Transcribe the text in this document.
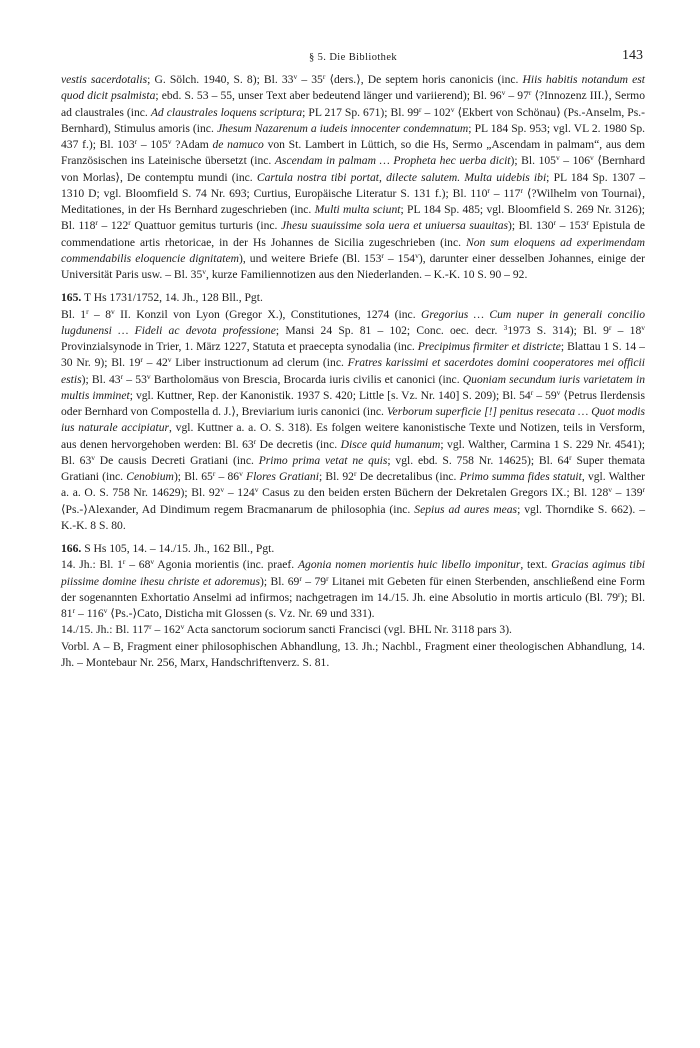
§ 5. Die Bibliothek	143

vestis sacerdotalis; G. Sölch. 1940, S. 8); Bl. 33$^v$ – 35$^r$ ⟨ders.⟩, De septem horis canonicis (inc. Hiis habitis notandum est quod dicit psalmista; ebd. S. 53 – 55, unser Text aber bedeutend länger und variierend); Bl. 96$^v$ – 97$^r$ ⟨?Innozenz III.⟩, Sermo ad claustrales (inc. Ad claustrales loquens scriptura; PL 217 Sp. 671); Bl. 99$^r$ – 102$^v$ ⟨Ekbert von Schönau⟩ (Ps.-Anselm, Ps.-Bernhard), Stimulus amoris (inc. Jhesum Nazarenum a iudeis innocenter condemnatum; PL 184 Sp. 953; vgl. VL 2. 1980 Sp. 437 f.); Bl. 103$^r$ – 105$^v$ ?Adam de namuco von St. Lambert in Lüttich, so die Hs, Sermo „Ascendam in palmam“, aus dem Französischen ins Lateinische übersetzt (inc. Ascendam in palmam … Propheta hec uerba dicit); Bl. 105$^v$ – 106$^v$ ⟨Bernhard von Morlas⟩, De contemptu mundi (inc. Cartula nostra tibi portat, dilecte salutem. Multa uidebis ibi; PL 184 Sp. 1307 – 1310 D; vgl. Bloomfield S. 74 Nr. 693; Curtius, Europäische Literatur S. 131 f.); Bl. 110$^r$ – 117$^r$ ⟨?Wilhelm von Tournai⟩, Meditationes, in der Hs Bernhard zugeschrieben (inc. Multi multa sciunt; PL 184 Sp. 485; vgl. Bloomfield S. 269 Nr. 3126); Bl. 118$^r$ – 122$^r$ Quattuor gemitus turturis (inc. Jhesu suauissime sola uera et uniuersa suauitas); Bl. 130$^r$ – 153$^r$ Epistula de commendatione artis rhetoricae, in der Hs Johannes de Sicilia zugeschrieben (inc. Non sum eloquens ad experimendam commendabilis eloquencie dignitatem), und weitere Briefe (Bl. 153$^r$ – 154$^v$), darunter einer desselben Johannes, einige der Universität Paris usw. – Bl. 35$^v$, kurze Familiennotizen aus den Niederlanden. – K.-K. 10 S. 90 – 92.

165. T Hs 1731/1752, 14. Jh., 128 Bll., Pgt.

Bl. 1$^r$ – 8$^v$ II. Konzil von Lyon (Gregor X.), Constitutiones, 1274 (inc. Gregorius … Cum nuper in generali concilio lugdunensi … Fideli ac devota professione; Mansi 24 Sp. 81 – 102; Conc. oec. decr. $^3$1973 S. 314); Bl. 9$^r$ – 18$^v$ Provinzialsynode in Trier, 1. März 1227, Statuta et praecepta synodalia (inc. Precipimus firmiter et districte; Blattau 1 S. 14 – 30 Nr. 9); Bl. 19$^r$ – 42$^v$ Liber instructionum ad clerum (inc. Fratres karissimi et sacerdotes domini cooperatores mei officii estis); Bl. 43$^r$ – 53$^v$ Bartholomäus von Brescia, Brocarda iuris civilis et canonici (inc. Quoniam secundum iuris varietatem in multis imminet; vgl. Kuttner, Rep. der Kanonistik. 1937 S. 420; Little [s. Vz. Nr. 140] S. 209); Bl. 54$^r$ – 59$^v$ ⟨Petrus Ilerdensis oder Bernhard von Compostella d. J.⟩, Breviarium iuris canonici (inc. Verborum superficie [!] penitus resecata … Quot modis ius naturale accipiatur, vgl. Kuttner a. a. O. S. 318). Es folgen weitere kanonistische Texte und Notizen, teils in Versform, aus denen hervorgehoben werden: Bl. 63$^r$ De decretis (inc. Disce quid humanum; vgl. Walther, Carmina 1 S. 229 Nr. 4541); Bl. 63$^v$ De causis Decreti Gratiani (inc. Primo prima vetat ne quis; vgl. ebd. S. 758 Nr. 14625); Bl. 64$^r$ Super themata Gratiani (inc. Cenobium); Bl. 65$^r$ – 86$^v$ Flores Gratiani; Bl. 92$^r$ De decretalibus (inc. Primo summa fides statuit, vgl. Walther a. a. O. S. 758 Nr. 14629); Bl. 92$^v$ – 124$^v$ Casus zu den beiden ersten Büchern der Dekretalen Gregors IX.; Bl. 128$^v$ – 139$^r$ ⟨Ps.-⟩Alexander, Ad Dindimum regem Bracmanarum de philosophia (inc. Sepius ad aures meas; vgl. Thorndike S. 662). – K.-K. 8 S. 80.

166. S Hs 105, 14. – 14./15. Jh., 162 Bll., Pgt.

14. Jh.: Bl. 1$^r$ – 68$^v$ Agonia morientis (inc. praef. Agonia nomen morientis huic libello imponitur, text. Gracias agimus tibi piissime domine ihesu christe et adoremus); Bl. 69$^r$ – 79$^r$ Litanei mit Gebeten für einen Sterbenden, anschließend eine Form der sogenannten Exhortatio Anselmi ad infirmos; nachgetragen im 14./15. Jh. eine Absolutio in mortis articulo (Bl. 79$^r$); Bl. 81$^r$ – 116$^v$ ⟨Ps.-⟩Cato, Disticha mit Glossen (s. Vz. Nr. 69 und 331).

14./15. Jh.: Bl. 117$^r$ – 162$^v$ Acta sanctorum sociorum sancti Francisci (vgl. BHL Nr. 3118 pars 3).

Vorbl. A – B, Fragment einer philosophischen Abhandlung, 13. Jh.; Nachbl., Fragment einer theologischen Abhandlung, 14. Jh. – Montebaur Nr. 256, Marx, Handschriftenverz. S. 81.
